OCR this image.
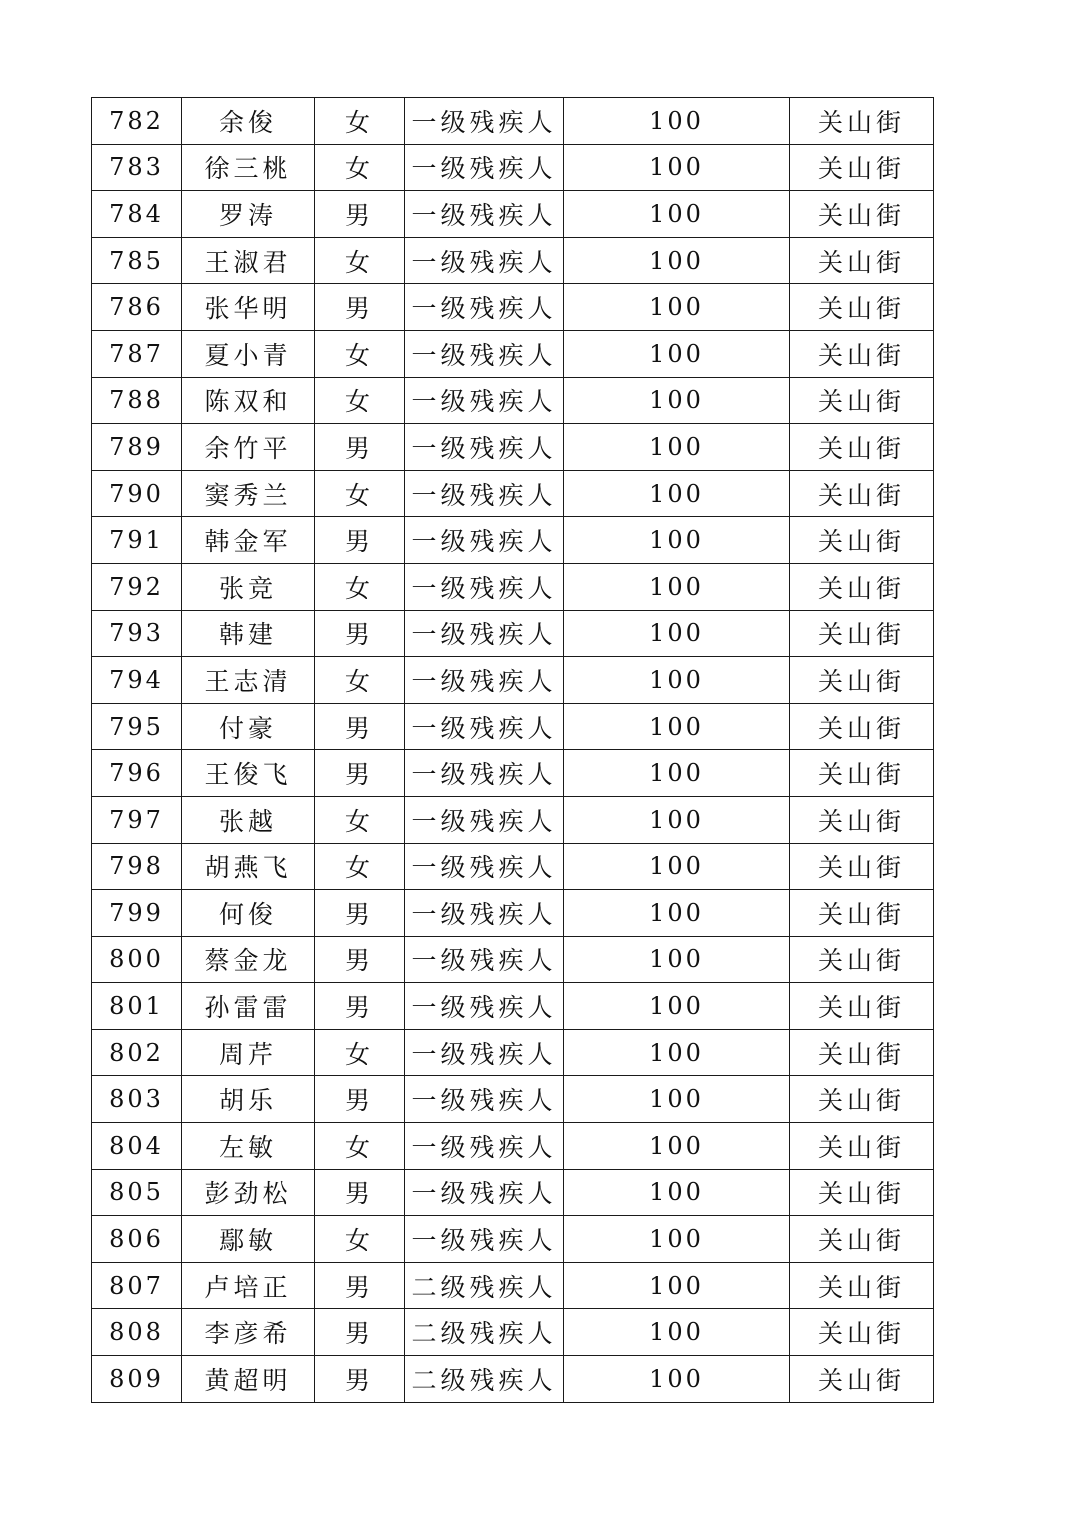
782	余俊	女	一级残疾人	100	关山街
783	徐三桃	女	一级残疾人	100	关山街
784	罗涛	男	一级残疾人	100	关山街
785	王淑君	女	一级残疾人	100	关山街
786	张华明	男	一级残疾人	100	关山街
787	夏小青	女	一级残疾人	100	关山街
788	陈双和	女	一级残疾人	100	关山街
789	余竹平	男	一级残疾人	100	关山街
790	窦秀兰	女	一级残疾人	100	关山街
791	韩金军	男	一级残疾人	100	关山街
792	张竞	女	一级残疾人	100	关山街
793	韩建	男	一级残疾人	100	关山街
794	王志清	女	一级残疾人	100	关山街
795	付豪	男	一级残疾人	100	关山街
796	王俊飞	男	一级残疾人	100	关山街
797	张越	女	一级残疾人	100	关山街
798	胡燕飞	女	一级残疾人	100	关山街
799	何俊	男	一级残疾人	100	关山街
800	蔡金龙	男	一级残疾人	100	关山街
801	孙雷雷	男	一级残疾人	100	关山街
802	周芹	女	一级残疾人	100	关山街
803	胡乐	男	一级残疾人	100	关山街
804	左敏	女	一级残疾人	100	关山街
805	彭劲松	男	一级残疾人	100	关山街
806	鄢敏	女	一级残疾人	100	关山街
807	卢培正	男	二级残疾人	100	关山街
808	李彦希	男	二级残疾人	100	关山街
809	黄超明	男	二级残疾人	100	关山街
